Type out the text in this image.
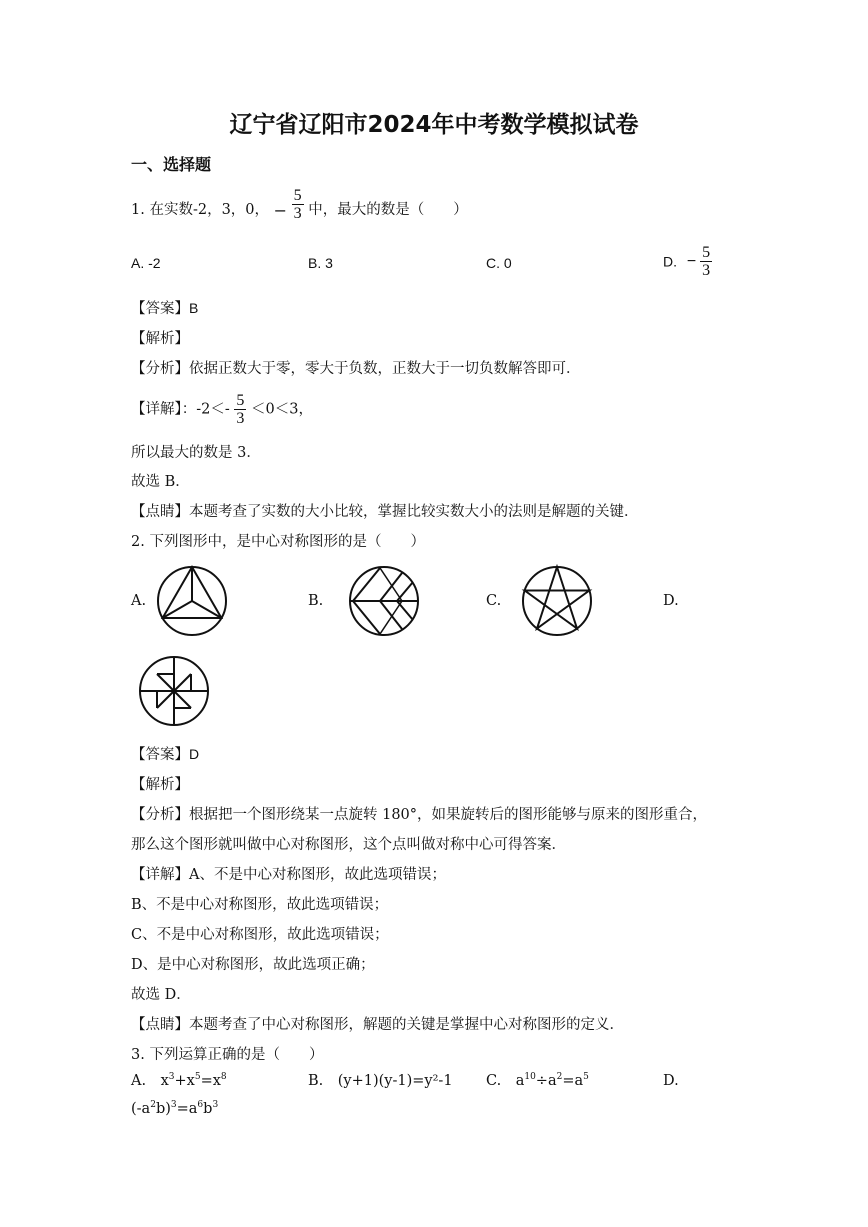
辽宁省辽阳市2024年中考数学模拟试卷
一、选择题
1. 在实数-2，3，0， − $\frac{5}{3}$ 中，最大的数是（　　）
A. -2	B. 3	C. 0	D. − $\frac{5}{3}$
【答案】B
【解析】
【分析】依据正数大于零，零大于负数，正数大于一切负数解答即可．
【详解】：$-2<- \frac{5}{3} <0<3$，
所以最大的数是 3．
故选 B．
【点睛】本题考查了实数的大小比较，掌握比较实数大小的法则是解题的关键．
2. 下列图形中，是中心对称图形的是（　　）
A.	B.	C.	D.
【答案】D
【解析】
【分析】根据把一个图形绕某一点旋转 180°，如果旋转后的图形能够与原来的图形重合，
那么这个图形就叫做中心对称图形，这个点叫做对称中心可得答案．
【详解】A、不是中心对称图形，故此选项错误；
B、不是中心对称图形，故此选项错误；
C、不是中心对称图形，故此选项错误；
D、是中心对称图形，故此选项正确；
故选 D．
【点睛】本题考查了中心对称图形，解题的关键是掌握中心对称图形的定义．
3. 下列运算正确的是（　　）
A. $x^3+x^5=x^8$	B.  (y+1)(y-1)=y²-1 C. $a^{10}\div a^2=a^5$	D.
$(-a^2b)^3=a^6b^3$
